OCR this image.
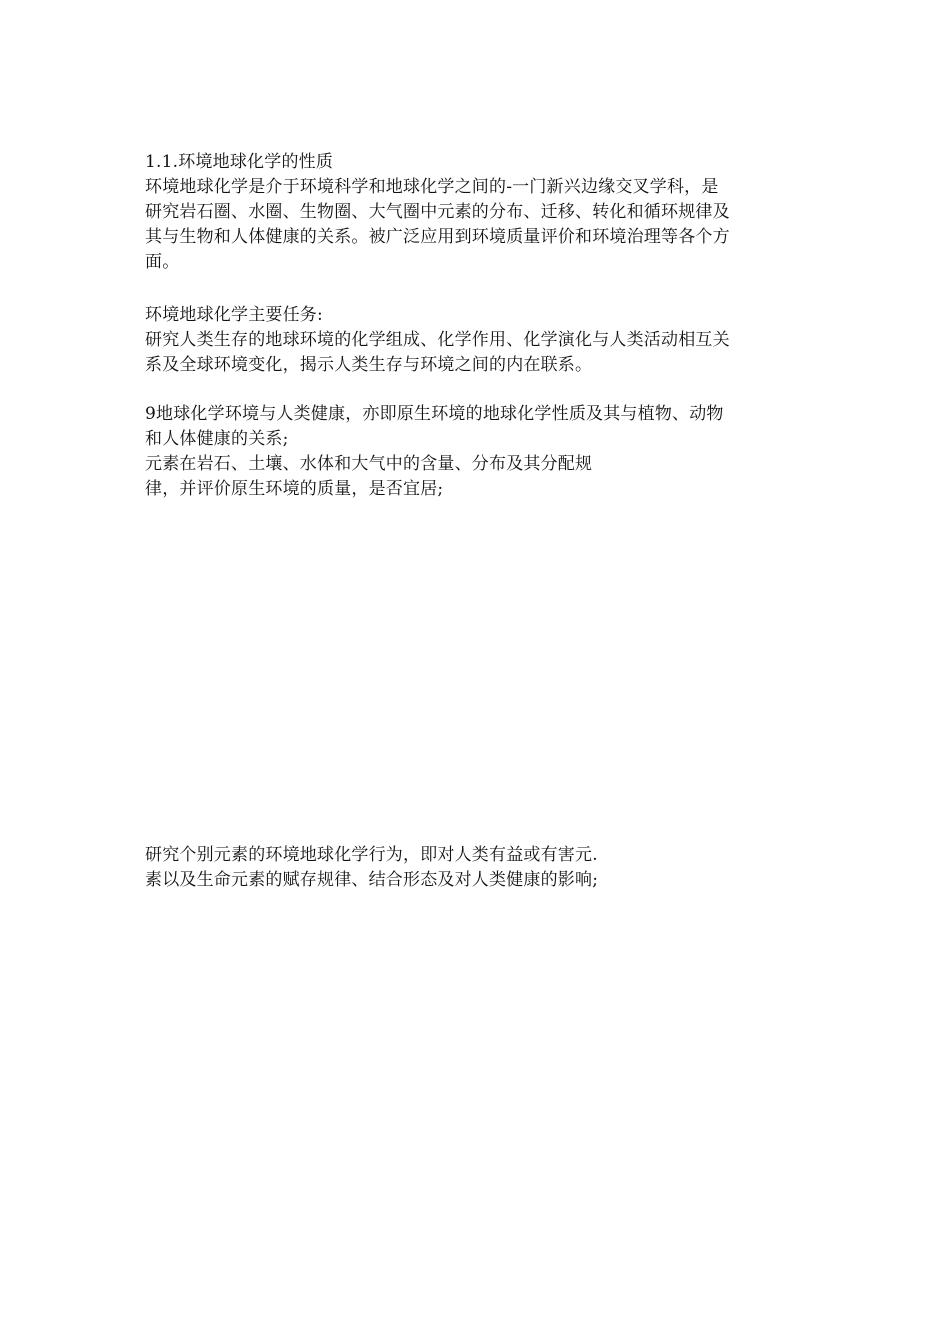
1.1.环境地球化学的性质
环境地球化学是介于环境科学和地球化学之间的-一门新兴边缘交叉学科，是
研究岩石圈、水圈、生物圈、大气圈中元素的分布、迁移、转化和循环规律及
其与生物和人体健康的关系。被广泛应用到环境质量评价和环境治理等各个方
面。
环境地球化学主要任务:
研究人类生存的地球环境的化学组成、化学作用、化学演化与人类活动相互关
系及全球环境变化，揭示人类生存与环境之间的内在联系。
9地球化学环境与人类健康，亦即原生环境的地球化学性质及其与植物、动物
和人体健康的关系;
元素在岩石、土壤、水体和大气中的含量、分布及其分配规
律，并评价原生环境的质量，是否宜居;
研究个别元素的环境地球化学行为，即对人类有益或有害元.
素以及生命元素的赋存规律、结合形态及对人类健康的影响;
